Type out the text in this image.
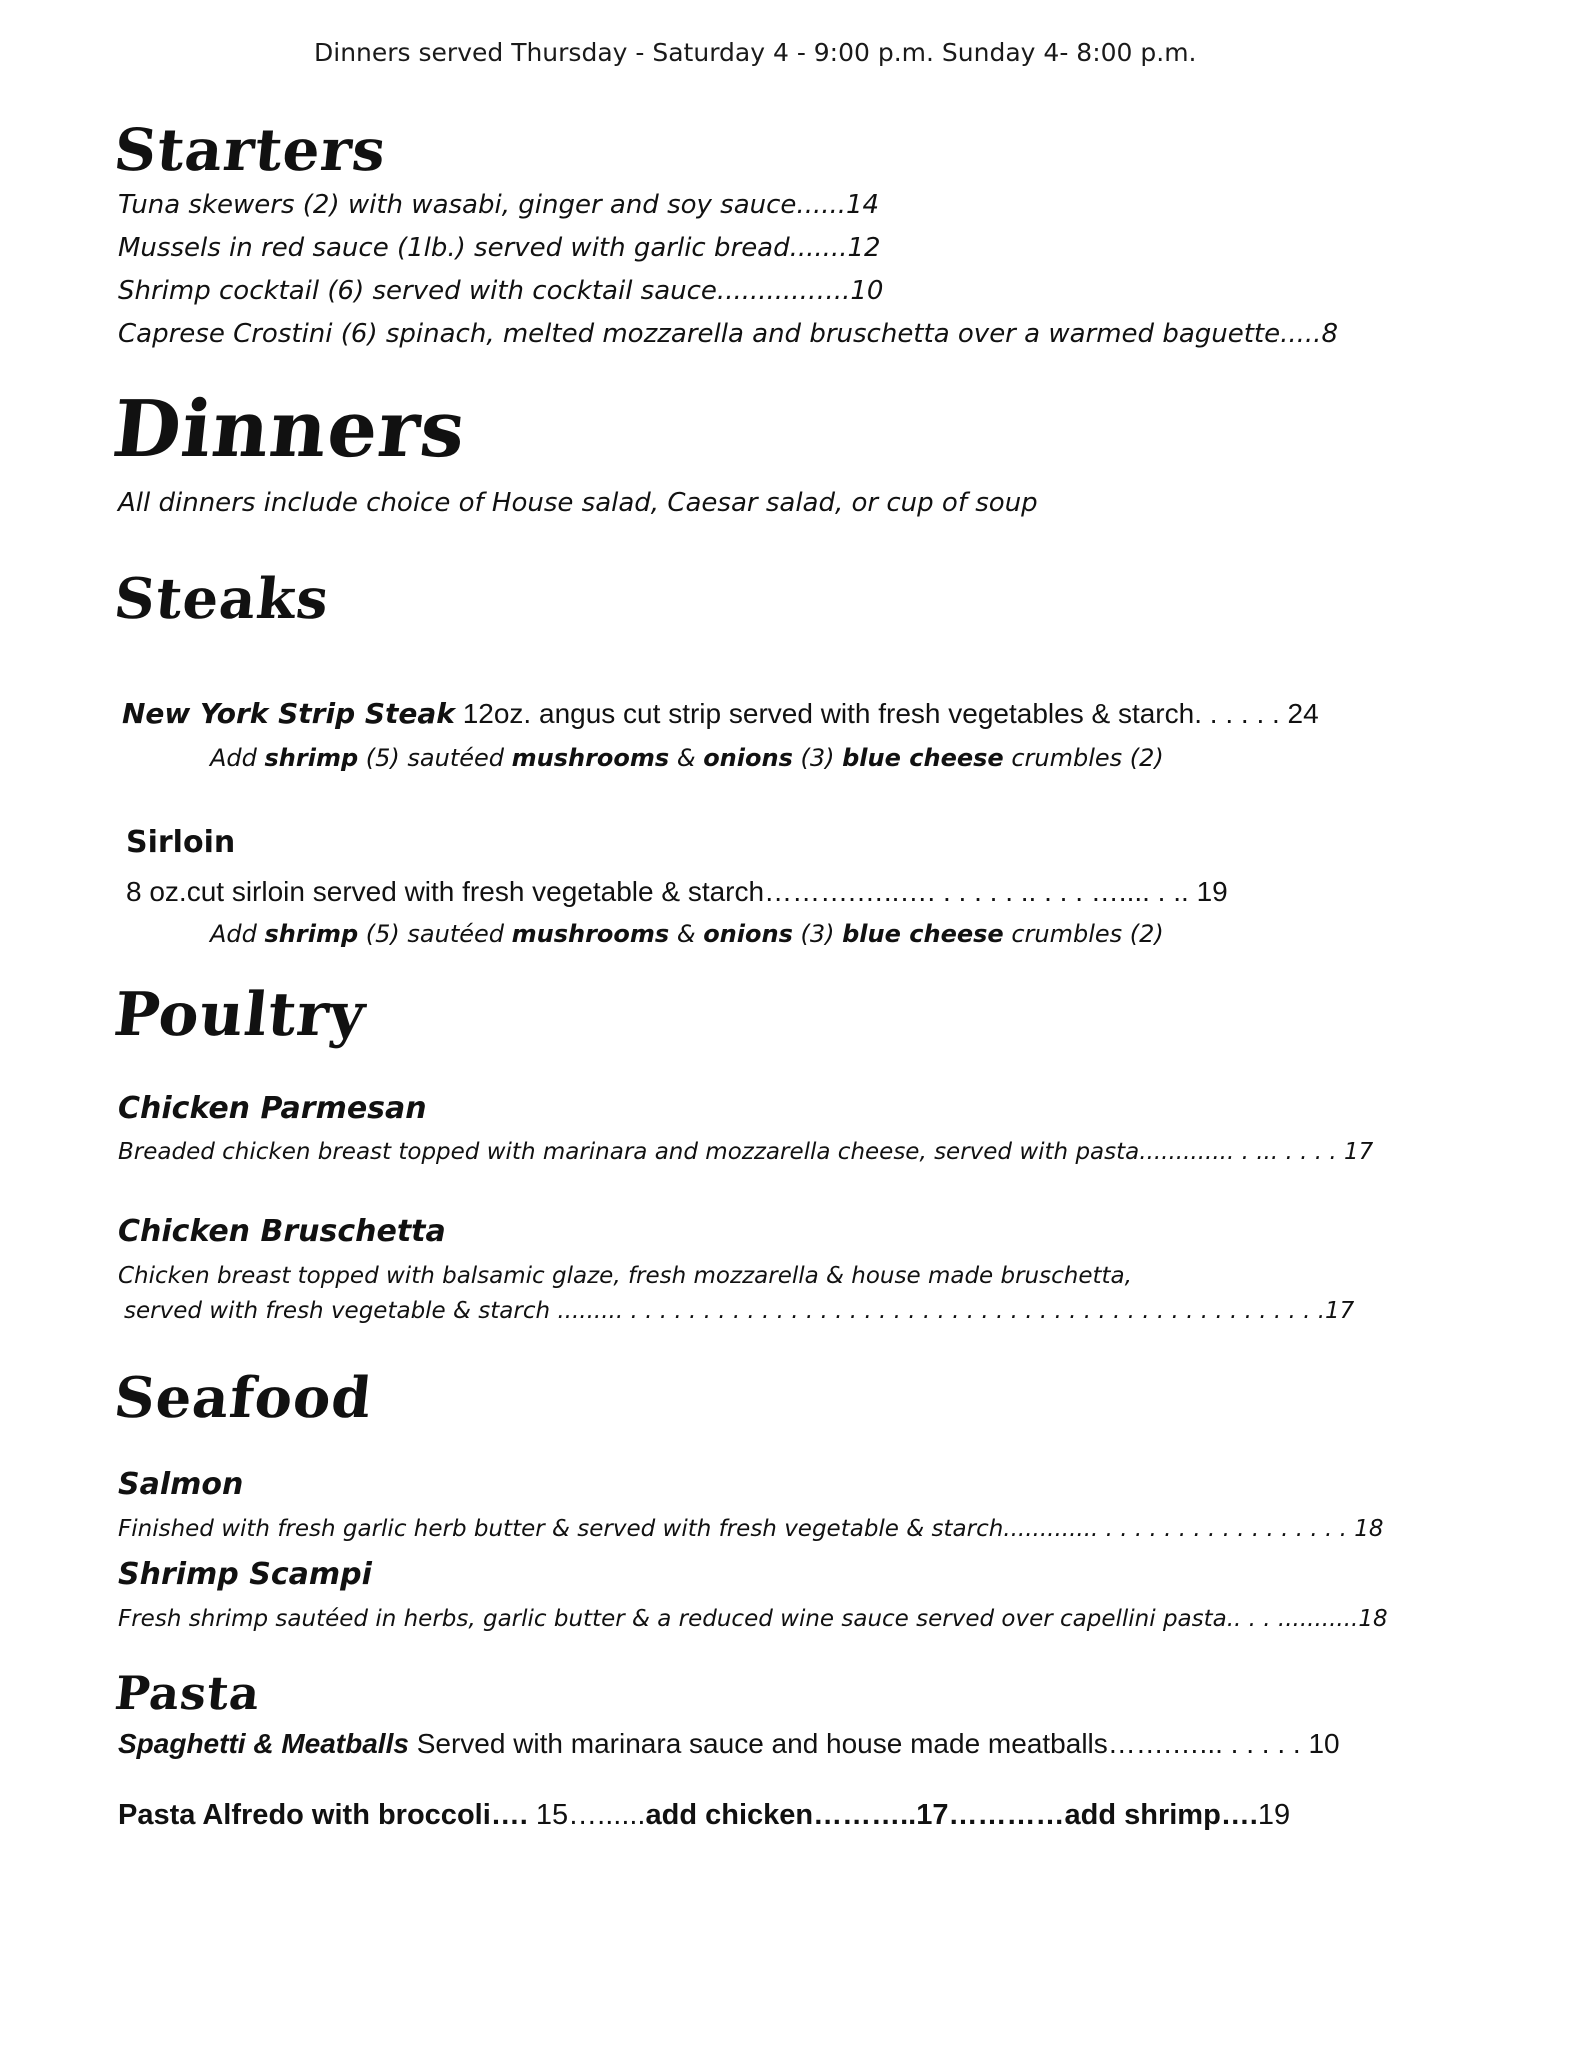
Dinners served Thursday - Saturday 4 - 9:00 p.m. Sunday 4- 8:00 p.m.
Starters
Tuna skewers (2) with wasabi, ginger and soy sauce......14
Mussels in red sauce (1lb.) served with garlic bread.......12
Shrimp cocktail (6) served with cocktail sauce...........…..10
Caprese Crostini (6) spinach, melted mozzarella and bruschetta over a warmed baguette.....8
Dinners
All dinners include choice of House salad, Caesar salad, or cup of soup
Steaks
New York Strip Steak 12oz. angus cut strip served with fresh vegetables & starch. . . . . . 24
Add shrimp (5) sautéed mushrooms & onions (3) blue cheese crumbles (2)
Sirloin
8 oz.cut sirloin served with fresh vegetable & starch……….…..…. . . . . . .. . . . ….... . .. 19
Add shrimp (5) sautéed mushrooms & onions (3) blue cheese crumbles (2)
Poultry
Chicken Parmesan
Breaded chicken breast topped with marinara and mozzarella cheese, served with pasta............. . ... . . . . 17
Chicken Bruschetta
Chicken breast topped with balsamic glaze, fresh mozzarella & house made bruschetta,
served with fresh vegetable & starch ......... . . . . . . . . . . . . . . . . . . . . . . . . . . . . . . . . . . . . . . . . . . . . . . . .17
Seafood
Salmon
Finished with fresh garlic herb butter & served with fresh vegetable & starch............. . . . . . . . . . . . . . . . . . 18
Shrimp Scampi
Fresh shrimp sautéed in herbs, garlic butter & a reduced wine sauce served over capellini pasta.. . . ...........18
Pasta
Spaghetti & Meatballs Served with marinara sauce and house made meatballs…….…... . . . . . 10
Pasta Alfredo with broccoli…. 15…......add chicken………..17…………add shrimp….19
